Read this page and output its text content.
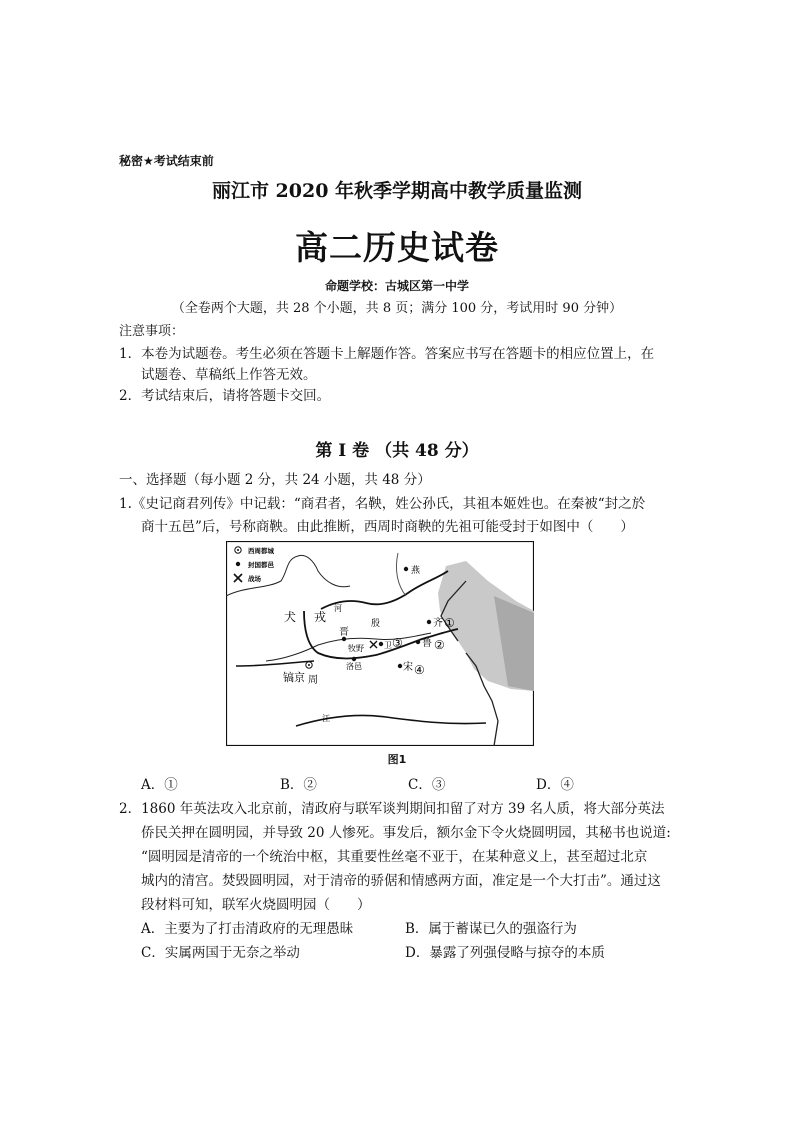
秘密★考试结束前
丽江市 2020 年秋季学期高中教学质量监测
高二历史试卷
命题学校：古城区第一中学
（全卷两个大题，共 28 个小题，共 8 页；满分 100 分，考试用时 90 分钟）
注意事项：
1．本卷为试题卷。考生必须在答题卡上解题作答。答案应书写在答题卡的相应位置上，在
试题卷、草稿纸上作答无效。
2．考试结束后，请将答题卡交回。
第 I 卷 （共 48 分）
一、选择题（每小题 2 分，共 24 小题，共 48 分）
1.《史记商君列传》中记载：“商君者，名鞅，姓公孙氏，其祖本姬姓也。在秦被“封之於
商十五邑”后，号称商鞅。由此推断，西周时商鞅的先祖可能受封于如图中（　　）
西周都城
封国都邑
战场
燕
犬 戎	齐 ①
鲁 ②
卫 ③
宋 ④
晋
殷
牧野
洛邑
镐京 周
江
河
图1
A．①	B．②	C．③	D．④
2．1860 年英法攻入北京前，清政府与联军谈判期间扣留了对方 39 名人质，将大部分英法
侨民关押在圆明园，并导致 20 人惨死。事发后，额尔金下令火烧圆明园，其秘书也说道:
“圆明园是清帝的一个统治中枢，其重要性丝毫不亚于，在某种意义上，甚至超过北京
城内的清宫。焚毁圆明园，对于清帝的骄倨和情感两方面，准定是一个大打击”。通过这
段材料可知，联军火烧圆明园（　　）
A．主要为了打击清政府的无理愚昧	B．属于蓄谋已久的强盗行为
C．实属两国于无奈之举动	D．暴露了列强侵略与掠夺的本质
